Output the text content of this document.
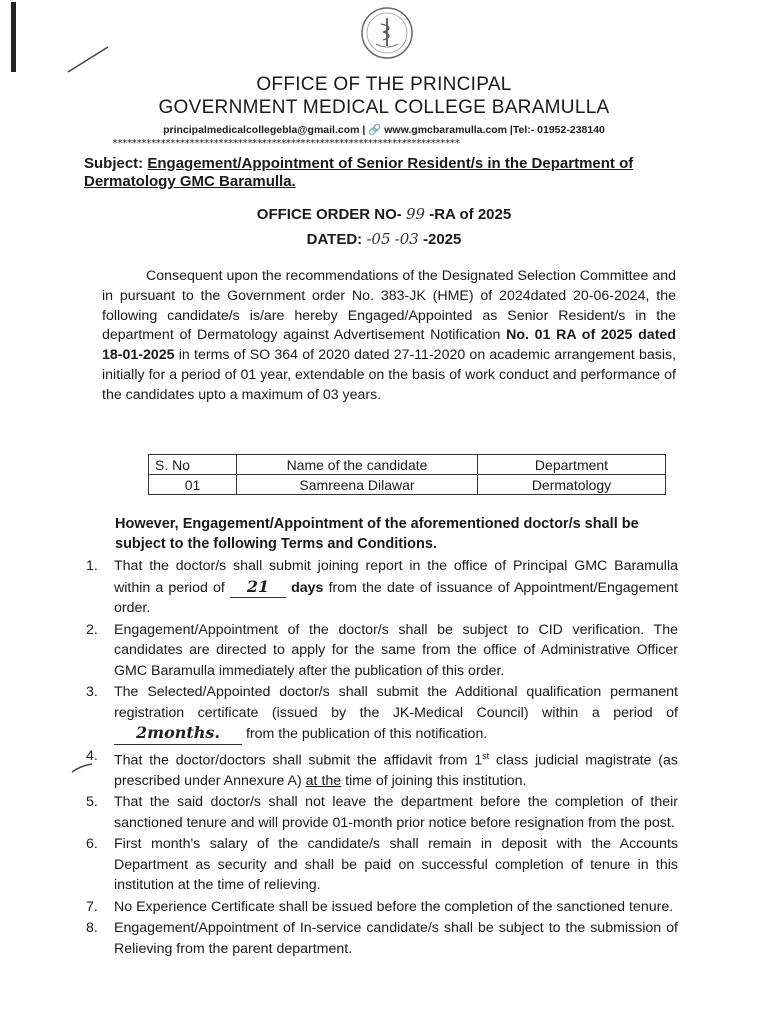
OFFICE OF THE PRINCIPAL
GOVERNMENT MEDICAL COLLEGE BARAMULLA
principalmedicalcollegebla@gmail.com | 🔗 www.gmcbaramulla.com |Tel:- 01952-238140
************************************************************************
Subject: Engagement/Appointment of Senior Resident/s in the Department of Dermatology GMC Baramulla.
OFFICE ORDER NO- 99 -RA of 2025
DATED: -05 -03 -2025
Consequent upon the recommendations of the Designated Selection Committee and in pursuant to the Government order No. 383-JK (HME) of 2024dated 20-06-2024, the following candidate/s is/are hereby Engaged/Appointed as Senior Resident/s in the department of Dermatology against Advertisement Notification No. 01 RA of 2025 dated 18-01-2025 in terms of SO 364 of 2020 dated 27-11-2020 on academic arrangement basis, initially for a period of 01 year, extendable on the basis of work conduct and performance of the candidates upto a maximum of 03 years.
S. No	Name of the candidate	Department
01	Samreena Dilawar	Dermatology
However, Engagement/Appointment of the aforementioned doctor/s shall be subject to the following Terms and Conditions.
1. That the doctor/s shall submit joining report in the office of Principal GMC Baramulla within a period of 21 days from the date of issuance of Appointment/Engagement order.
2. Engagement/Appointment of the doctor/s shall be subject to CID verification. The candidates are directed to apply for the same from the office of Administrative Officer GMC Baramulla immediately after the publication of this order.
3. The Selected/Appointed doctor/s shall submit the Additional qualification permanent registration certificate (issued by the JK-Medical Council) within a period of 2months. from the publication of this notification.
4. That the doctor/doctors shall submit the affidavit from 1st class judicial magistrate (as prescribed under Annexure A) at the time of joining this institution.
5. That the said doctor/s shall not leave the department before the completion of their sanctioned tenure and will provide 01-month prior notice before resignation from the post.
6. First month's salary of the candidate/s shall remain in deposit with the Accounts Department as security and shall be paid on successful completion of tenure in this institution at the time of relieving.
7. No Experience Certificate shall be issued before the completion of the sanctioned tenure.
8. Engagement/Appointment of In-service candidate/s shall be subject to the submission of Relieving from the parent department.
